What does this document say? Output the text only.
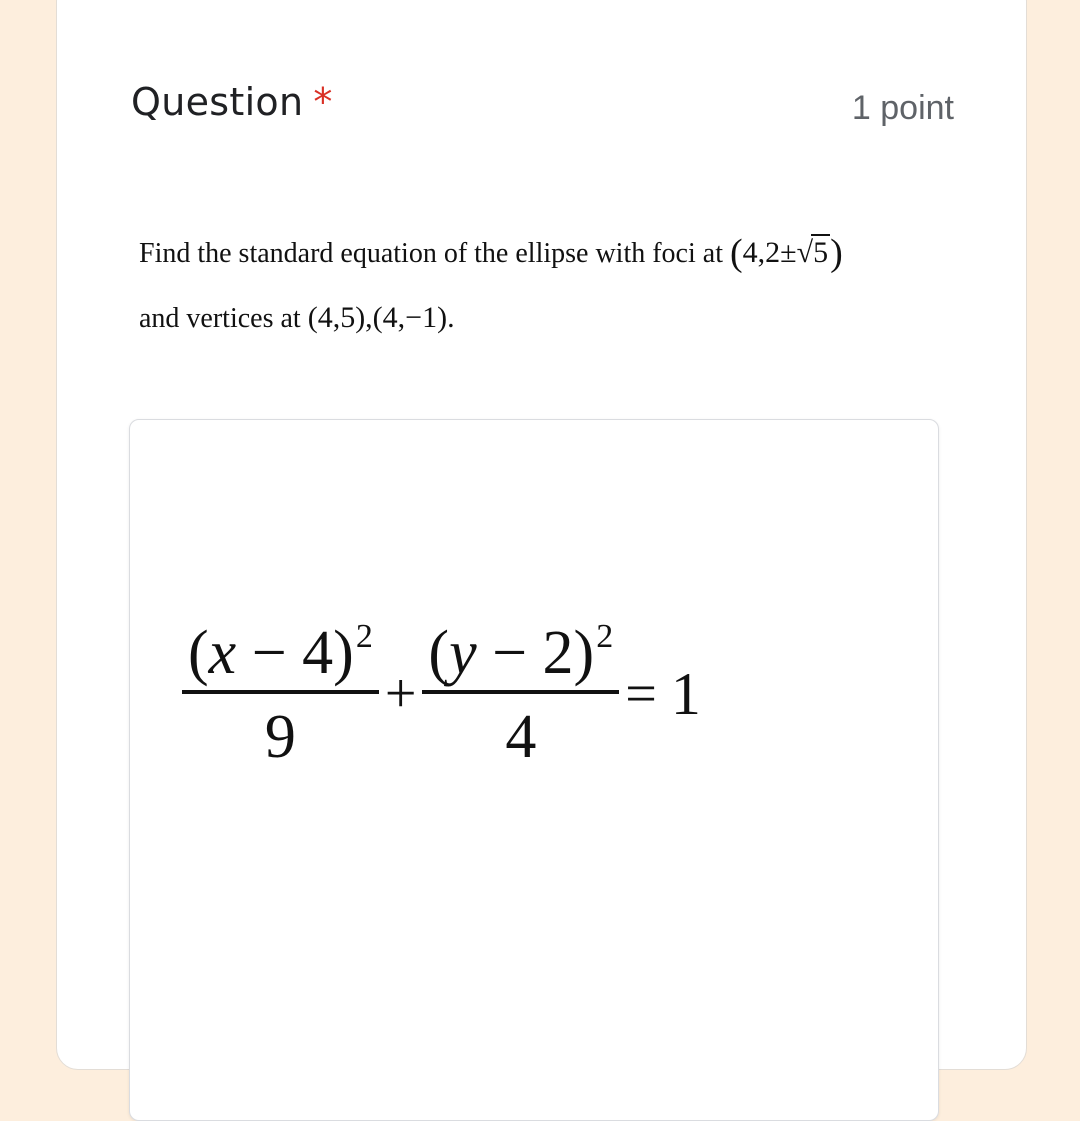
Question *	1 point
Find the standard equation of the ellipse with foci at (4,2±√5)
and vertices at (4,5),(4,−1).
$\frac{(x - 4)^2}{9} + \frac{(y - 2)^2}{4} = 1$
